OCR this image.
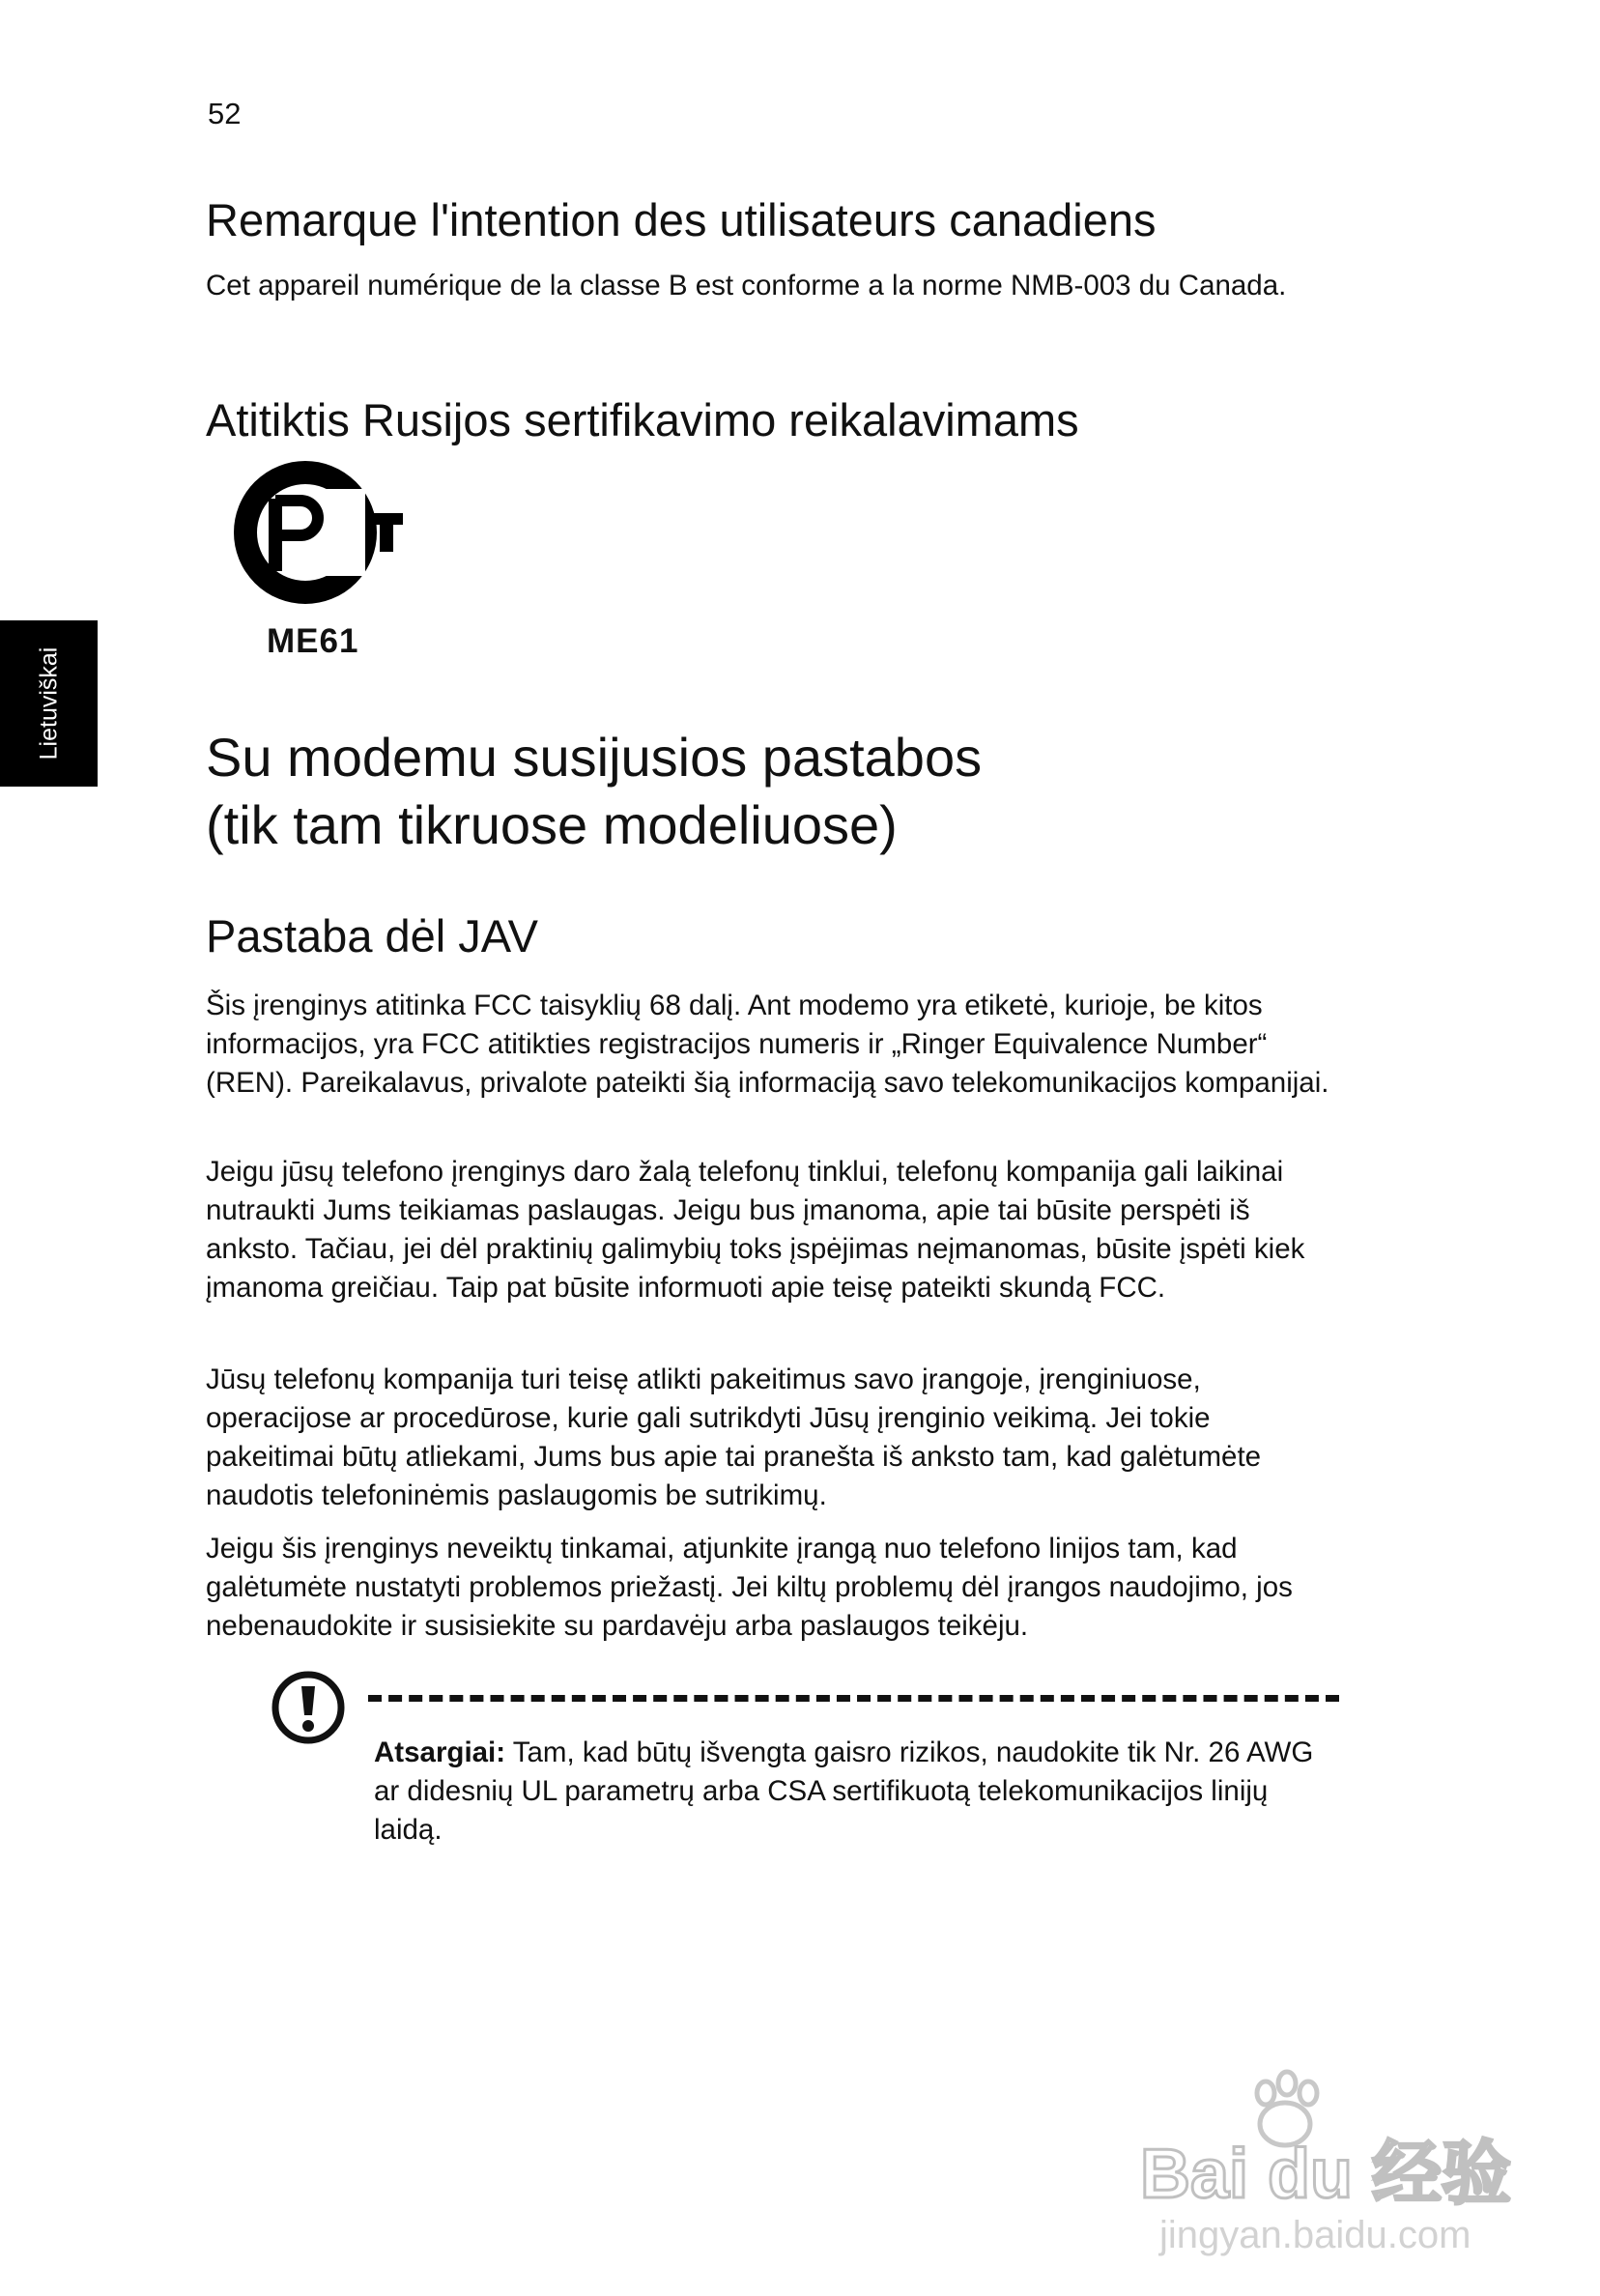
52
Lietuviškai
Remarque l'intention des utilisateurs canadiens

Cet appareil numérique de la classe B est conforme a la norme NMB-003 du Canada.

Atitiktis Rusijos sertifikavimo reikalavimams
ME61
Su modemu susijusios pastabos
(tik tam tikruose modeliuose)
Pastaba dėl JAV

Šis įrenginys atitinka FCC taisyklių 68 dalį. Ant modemo yra etiketė, kurioje, be kitos informacijos, yra FCC atitikties registracijos numeris ir „Ringer Equivalence Number“ (REN). Pareikalavus, privalote pateikti šią informaciją savo telekomunikacijos kompanijai.

Jeigu jūsų telefono įrenginys daro žalą telefonų tinklui, telefonų kompanija gali laikinai nutraukti Jums teikiamas paslaugas. Jeigu bus įmanoma, apie tai būsite perspėti iš anksto. Tačiau, jei dėl praktinių galimybių toks įspėjimas neįmanomas, būsite įspėti kiek įmanoma greičiau. Taip pat būsite informuoti apie teisę pateikti skundą FCC.

Jūsų telefonų kompanija turi teisę atlikti pakeitimus savo įrangoje, įrenginiuose, operacijose ar procedūrose, kurie gali sutrikdyti Jūsų įrenginio veikimą. Jei tokie pakeitimai būtų atliekami, Jums bus apie tai pranešta iš anksto tam, kad galėtumėte naudotis telefoninėmis paslaugomis be sutrikimų.

Jeigu šis įrenginys neveiktų tinkamai, atjunkite įrangą nuo telefono linijos tam, kad galėtumėte nustatyti problemos priežastį. Jei kiltų problemų dėl įrangos naudojimo, jos nebenaudokite ir susisiekite su pardavėju arba paslaugos teikėju.

Atsargiai: Tam, kad būtų išvengta gaisro rizikos, naudokite tik Nr. 26 AWG ar didesnių UL parametrų arba CSA sertifikuotą telekomunikacijos linijų laidą.
Bai du 经验
jingyan.baidu.com
